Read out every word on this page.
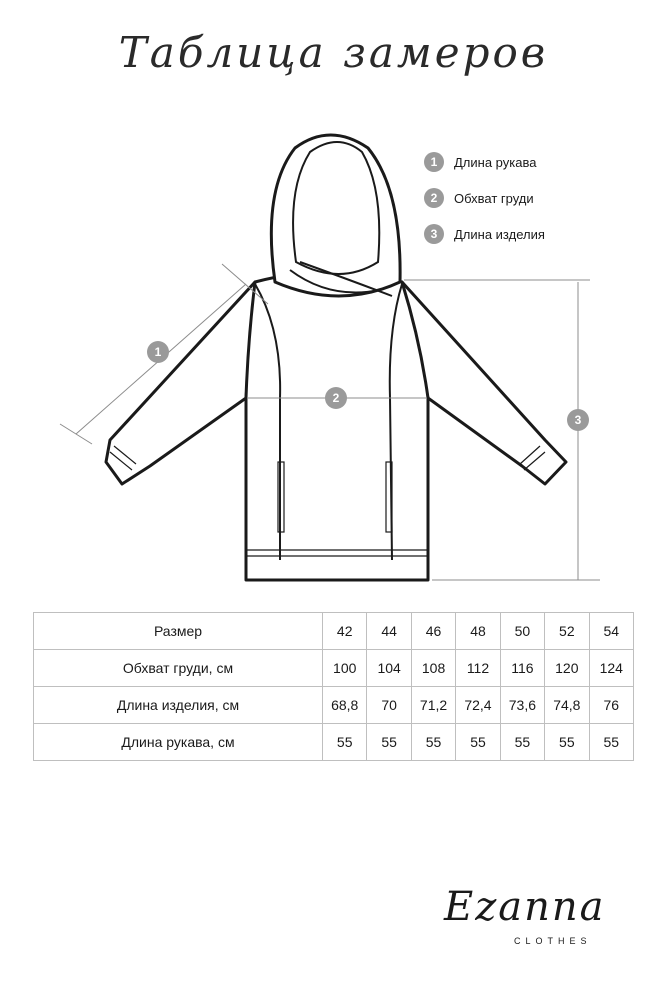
Таблица замеров
1
2
3
1	Длина рукава
2	Обхват груди
3	Длина изделия
Размер	42	44	46	48	50	52	54
Обхват груди, см	100	104	108	112	116	120	124
Длина изделия, см	68,8	70	71,2	72,4	73,6	74,8	76
Длина рукава, см	55	55	55	55	55	55	55
Ezanna
CLOTHES
